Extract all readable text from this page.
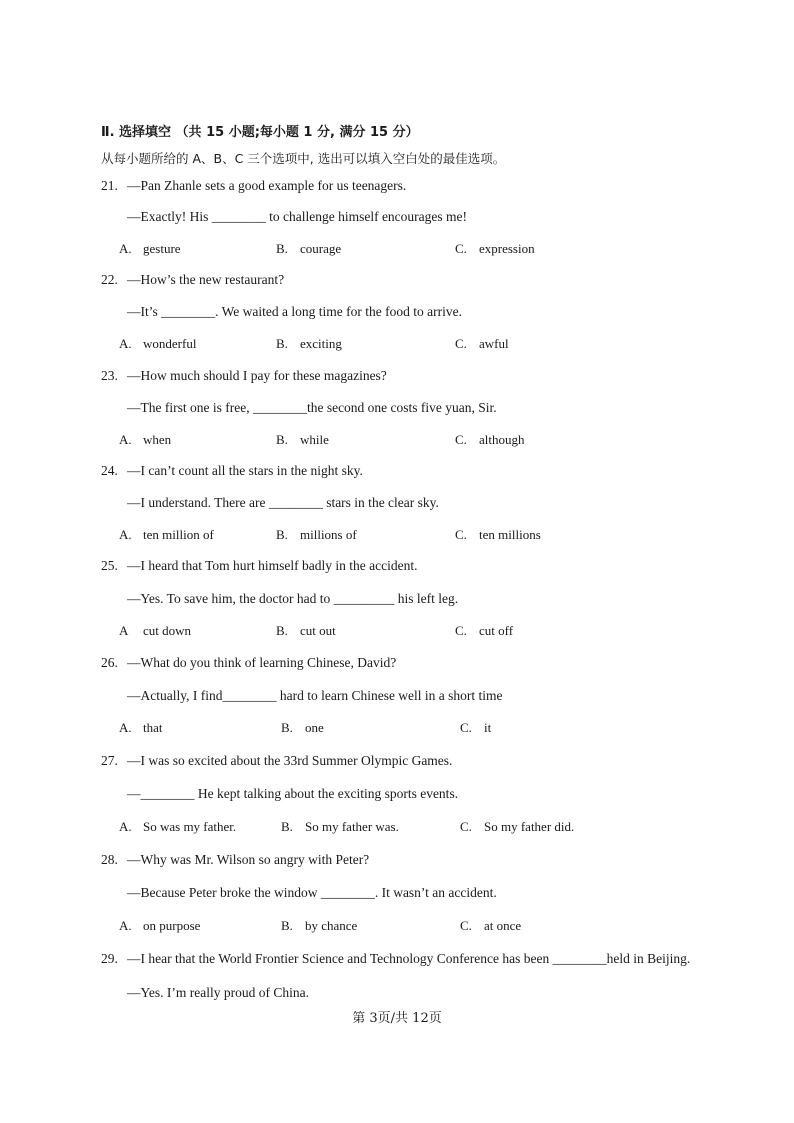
Ⅱ. 选择填空 （共 15 小题;每小题 1 分, 满分 15 分）
从每小题所给的 A、B、C 三个选项中, 选出可以填入空白处的最佳选项。
21. —Pan Zhanle sets a good example for us teenagers.
—Exactly! His ________ to challenge himself encourages me!
A. gesture	B. courage	C. expression
22. —How’s the new restaurant?
—It’s ________. We waited a long time for the food to arrive.
A. wonderful	B. exciting	C. awful
23. —How much should I pay for these magazines?
—The first one is free, ________the second one costs five yuan, Sir.
A. when	B. while	C. although
24. —I can’t count all the stars in the night sky.
—I understand. There are ________ stars in the clear sky.
A. ten million of	B. millions of	C. ten millions
25. —I heard that Tom hurt himself badly in the accident.
—Yes. To save him, the doctor had to _________ his left leg.
A cut down	B. cut out	C. cut off
26. —What do you think of learning Chinese, David?
—Actually, I find________ hard to learn Chinese well in a short time
A. that	B. one	C. it
27. —I was so excited about the 33rd Summer Olympic Games.
—________ He kept talking about the exciting sports events.
A. So was my father.	B. So my father was.	C. So my father did.
28. —Why was Mr. Wilson so angry with Peter?
—Because Peter broke the window ________. It wasn’t an accident.
A. on purpose	B. by chance	C. at once
29. —I hear that the World Frontier Science and Technology Conference has been ________held in Beijing.
—Yes. I’m really proud of China.
第 3页/共 12页
